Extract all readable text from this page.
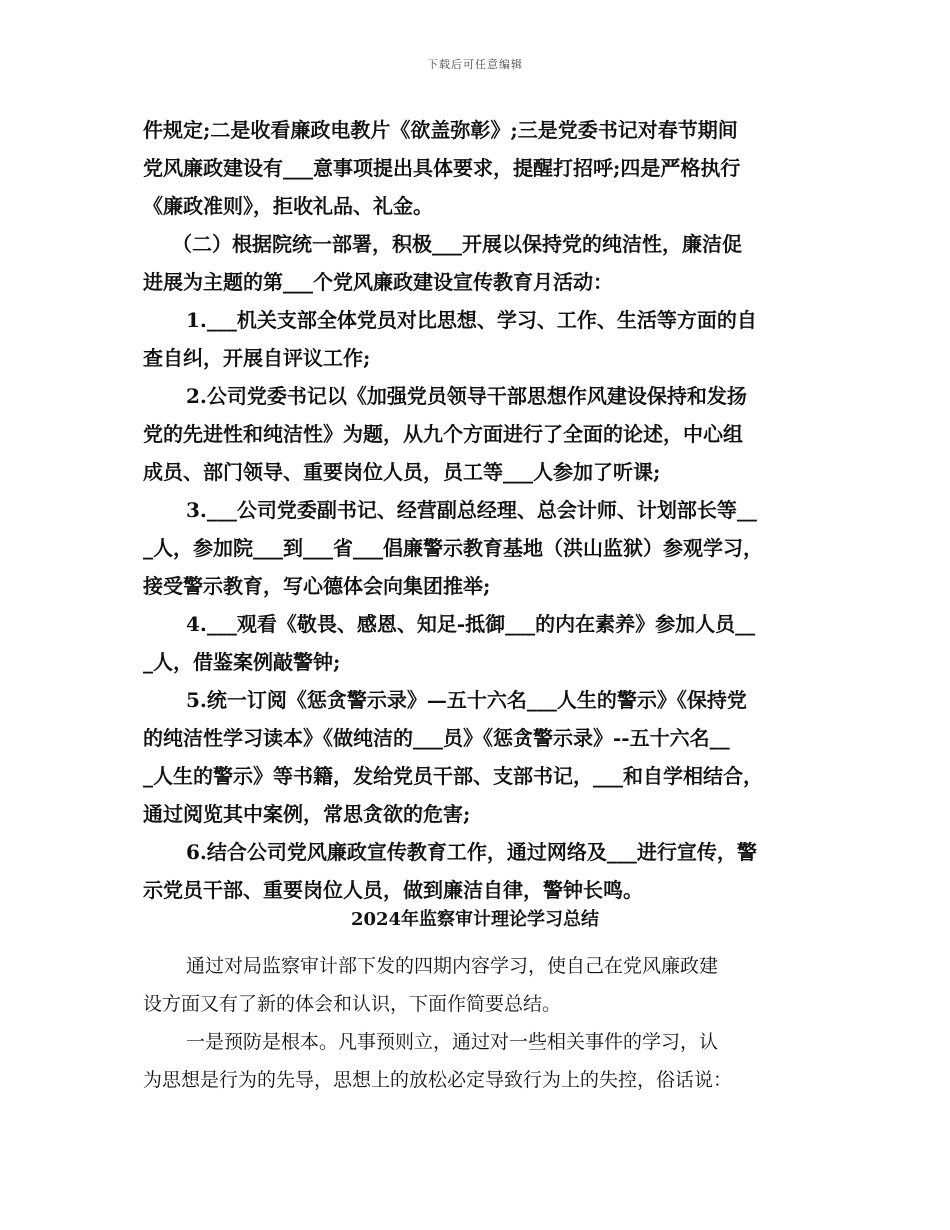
下载后可任意编辑
件规定;二是收看廉政电教片《欲盖弥彰》;三是党委书记对春节期间
党风廉政建设有___意事项提出具体要求，提醒打招呼;四是严格执行
《廉政准则》，拒收礼品、礼金。
（二）根据院统一部署，积极___开展以保持党的纯洁性，廉洁促
进展为主题的第___个党风廉政建设宣传教育月活动：
1.___机关支部全体党员对比思想、学习、工作、生活等方面的自
查自纠，开展自评议工作;
2.公司党委书记以《加强党员领导干部思想作风建设保持和发扬
党的先进性和纯洁性》为题，从九个方面进行了全面的论述，中心组
成员、部门领导、重要岗位人员，员工等___人参加了听课;
3.___公司党委副书记、经营副总经理、总会计师、计划部长等__
_人，参加院___到___省___倡廉警示教育基地（洪山监狱）参观学习，
接受警示教育，写心德体会向集团推举;
4.___观看《敬畏、感恩、知足-抵御___的内在素养》参加人员__
_人，借鉴案例敲警钟;
5.统一订阅《惩贪警示录》—五十六名___人生的警示》《保持党
的纯洁性学习读本》《做纯洁的___员》《惩贪警示录》--五十六名__
_人生的警示》等书籍，发给党员干部、支部书记，___和自学相结合，
通过阅览其中案例，常思贪欲的危害;
6.结合公司党风廉政宣传教育工作，通过网络及___进行宣传，警
示党员干部、重要岗位人员，做到廉洁自律，警钟长鸣。
2024年监察审计理论学习总结
通过对局监察审计部下发的四期内容学习，使自己在党风廉政建
设方面又有了新的体会和认识，下面作简要总结。
一是预防是根本。凡事预则立，通过对一些相关事件的学习，认
为思想是行为的先导，思想上的放松必定导致行为上的失控，俗话说：
